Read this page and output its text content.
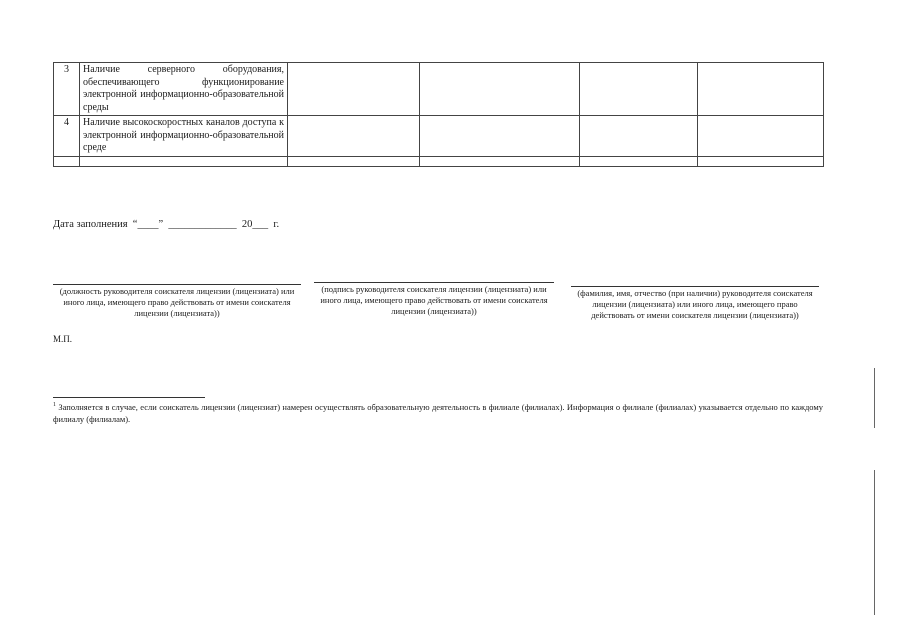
3	Наличие серверного оборудования, обеспечивающего функционирование электронной информационно-образовательной среды				
4	Наличие высокоскоростных каналов доступа к электронной информационно-образовательной среде				

Дата заполнения “____” _____________ 20___ г.
(должность руководителя соискателя лицензии (лицензиата) или иного лица, имеющего право действовать от имени соискателя лицензии (лицензиата))
(подпись руководителя соискателя лицензии (лицензиата) или иного лица, имеющего право действовать от имени соискателя лицензии (лицензиата))
(фамилия, имя, отчество (при наличии) руководителя соискателя лицензии (лицензиата) или иного лица, имеющего право действовать от имени соискателя лицензии (лицензиата))
М.П.
$^1$ Заполняется в случае, если соискатель лицензии (лицензиат) намерен осуществлять образовательную деятельность в филиале (филиалах). Информация о филиале (филиалах) указывается отдельно по каждому филиалу (филиалам).
